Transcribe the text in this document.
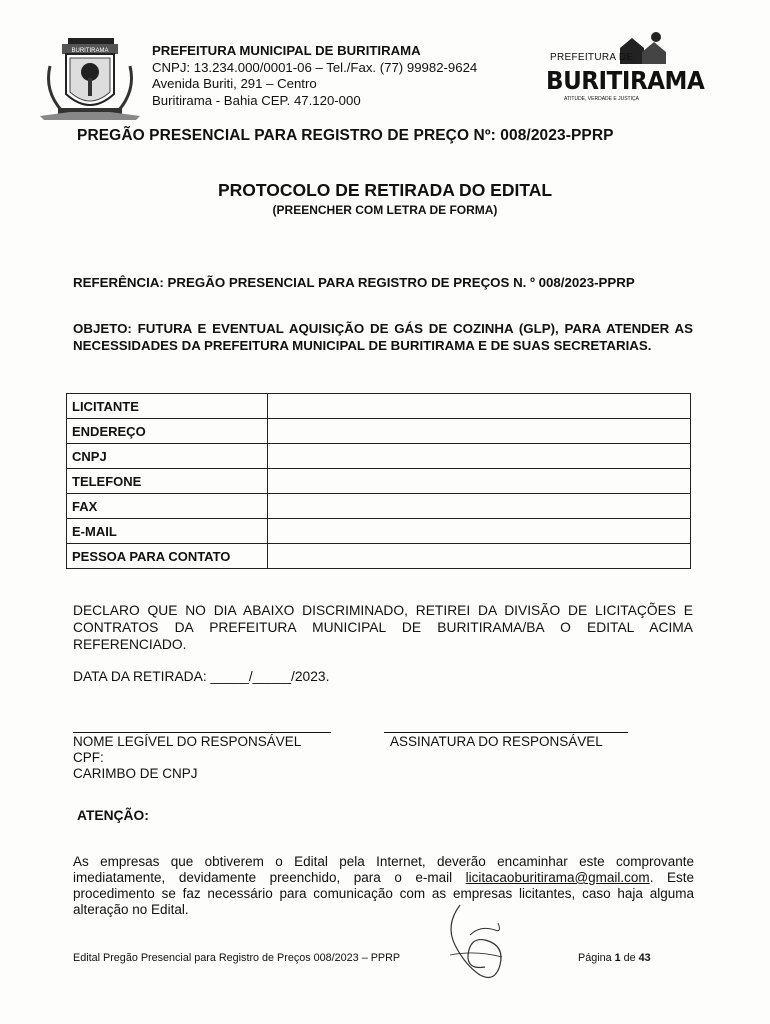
BURITIRAMA	PREFEITURA MUNICIPAL DE BURITIRAMA
CNPJ: 13.234.000/0001-06 – Tel./Fax. (77) 99982-9624
Avenida Buriti, 291 – Centro
Buritirama - Bahia CEP. 47.120-000
PREFEITURA DE
BURITIRAMA
ATITUDE, VERDADE E JUSTIÇA
PREGÃO PRESENCIAL PARA REGISTRO DE PREÇO Nº: 008/2023-PPRP
PROTOCOLO DE RETIRADA DO EDITAL
(PREENCHER COM LETRA DE FORMA)
REFERÊNCIA: PREGÃO PRESENCIAL PARA REGISTRO DE PREÇOS N. º 008/2023-PPRP
OBJETO: FUTURA E EVENTUAL AQUISIÇÃO DE GÁS DE COZINHA (GLP), PARA ATENDER AS NECESSIDADES DA PREFEITURA MUNICIPAL DE BURITIRAMA E DE SUAS SECRETARIAS.
LICITANTE	
ENDEREÇO	
CNPJ	
TELEFONE	
FAX	
E-MAIL	
PESSOA PARA CONTATO	
DECLARO QUE NO DIA ABAIXO DISCRIMINADO, RETIREI DA DIVISÃO DE LICITAÇÕES E CONTRATOS DA PREFEITURA MUNICIPAL DE BURITIRAMA/BA O EDITAL ACIMA REFERENCIADO.
DATA DA RETIRADA: _____/_____/2023.
NOME LEGÍVEL DO RESPONSÁVEL
CPF:
CARIMBO DE CNPJ
ASSINATURA DO RESPONSÁVEL
ATENÇÃO:
As empresas que obtiverem o Edital pela Internet, deverão encaminhar este comprovante imediatamente, devidamente preenchido, para o e-mail licitacaoburitirama@gmail.com. Este procedimento se faz necessário para comunicação com as empresas licitantes, caso haja alguma alteração no Edital.
Edital Pregão Presencial para Registro de Preços 008/2023 – PPRP	Página 1 de 43
